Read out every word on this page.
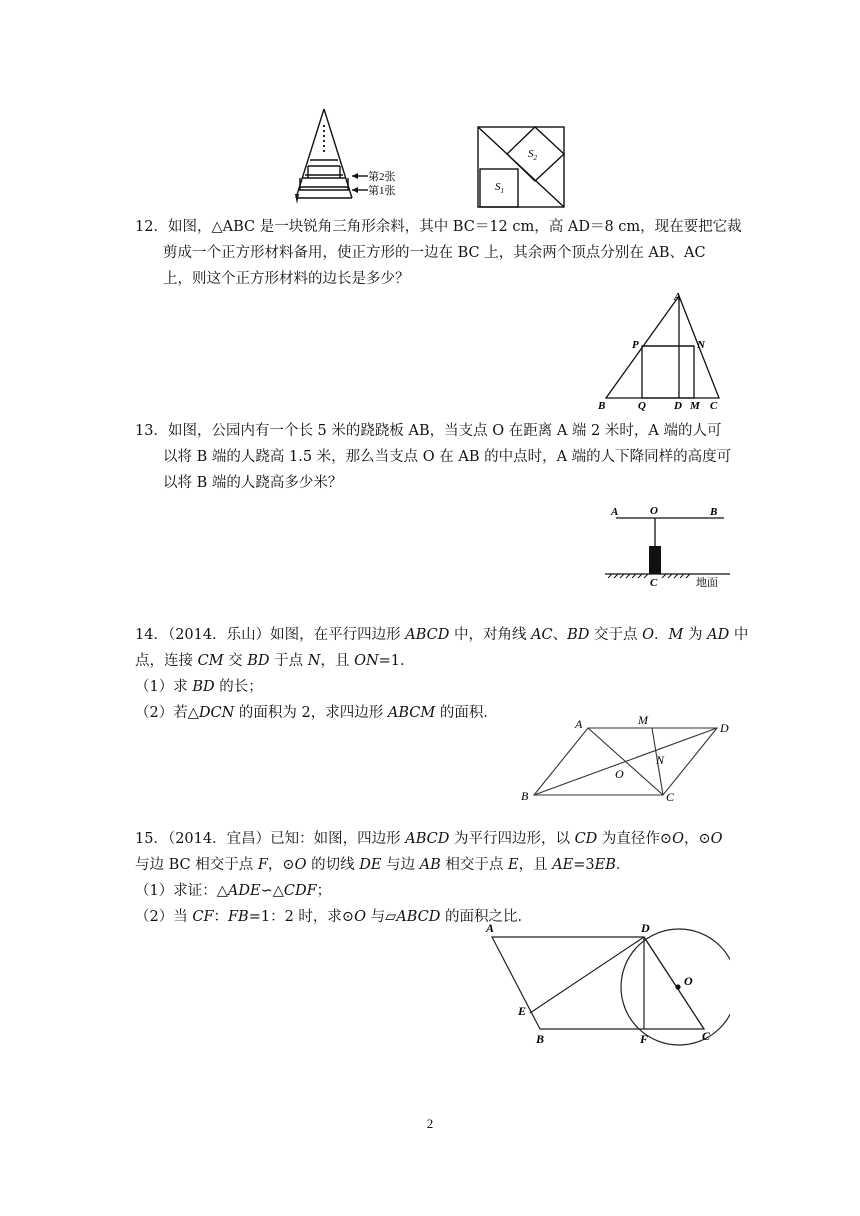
第2张
第1张
$S_2$
$S_1$
12．如图，△ABC 是一块锐角三角形余料，其中 BC＝12 cm，高 AD＝8 cm，现在要把它裁
剪成一个正方形材料备用，使正方形的一边在 BC 上，其余两个顶点分别在 AB、AC
上，则这个正方形材料的边长是多少？
A
P	N
B	Q	D M C
13．如图，公园内有一个长 5 米的跷跷板 AB，当支点 O 在距离 A 端 2 米时，A 端的人可
以将 B 端的人跷高 1.5 米，那么当支点 O 在 AB 的中点时，A 端的人下降同样的高度可
以将 B 端的人跷高多少米？
A	O	B
C	地面
14．（2014．乐山）如图，在平行四边形 ABCD 中，对角线 AC、BD 交于点 O．M 为 AD 中
点，连接 CM 交 BD 于点 N，且 ON=1．
（1）求 BD 的长；
（2）若△DCN 的面积为 2，求四边形 ABCM 的面积．
A	M
D
N
O
B	C
15．（2014．宜昌）已知：如图，四边形 ABCD 为平行四边形，以 CD 为直径作⊙O，⊙O
与边 BC 相交于点 F，⊙O 的切线 DE 与边 AB 相交于点 E，且 AE=3EB．
（1）求证：△ADE∽△CDF；
（2）当 CF：FB=1：2 时，求⊙O 与▱ABCD 的面积之比．
A	D
O
E
B	F	C
2
